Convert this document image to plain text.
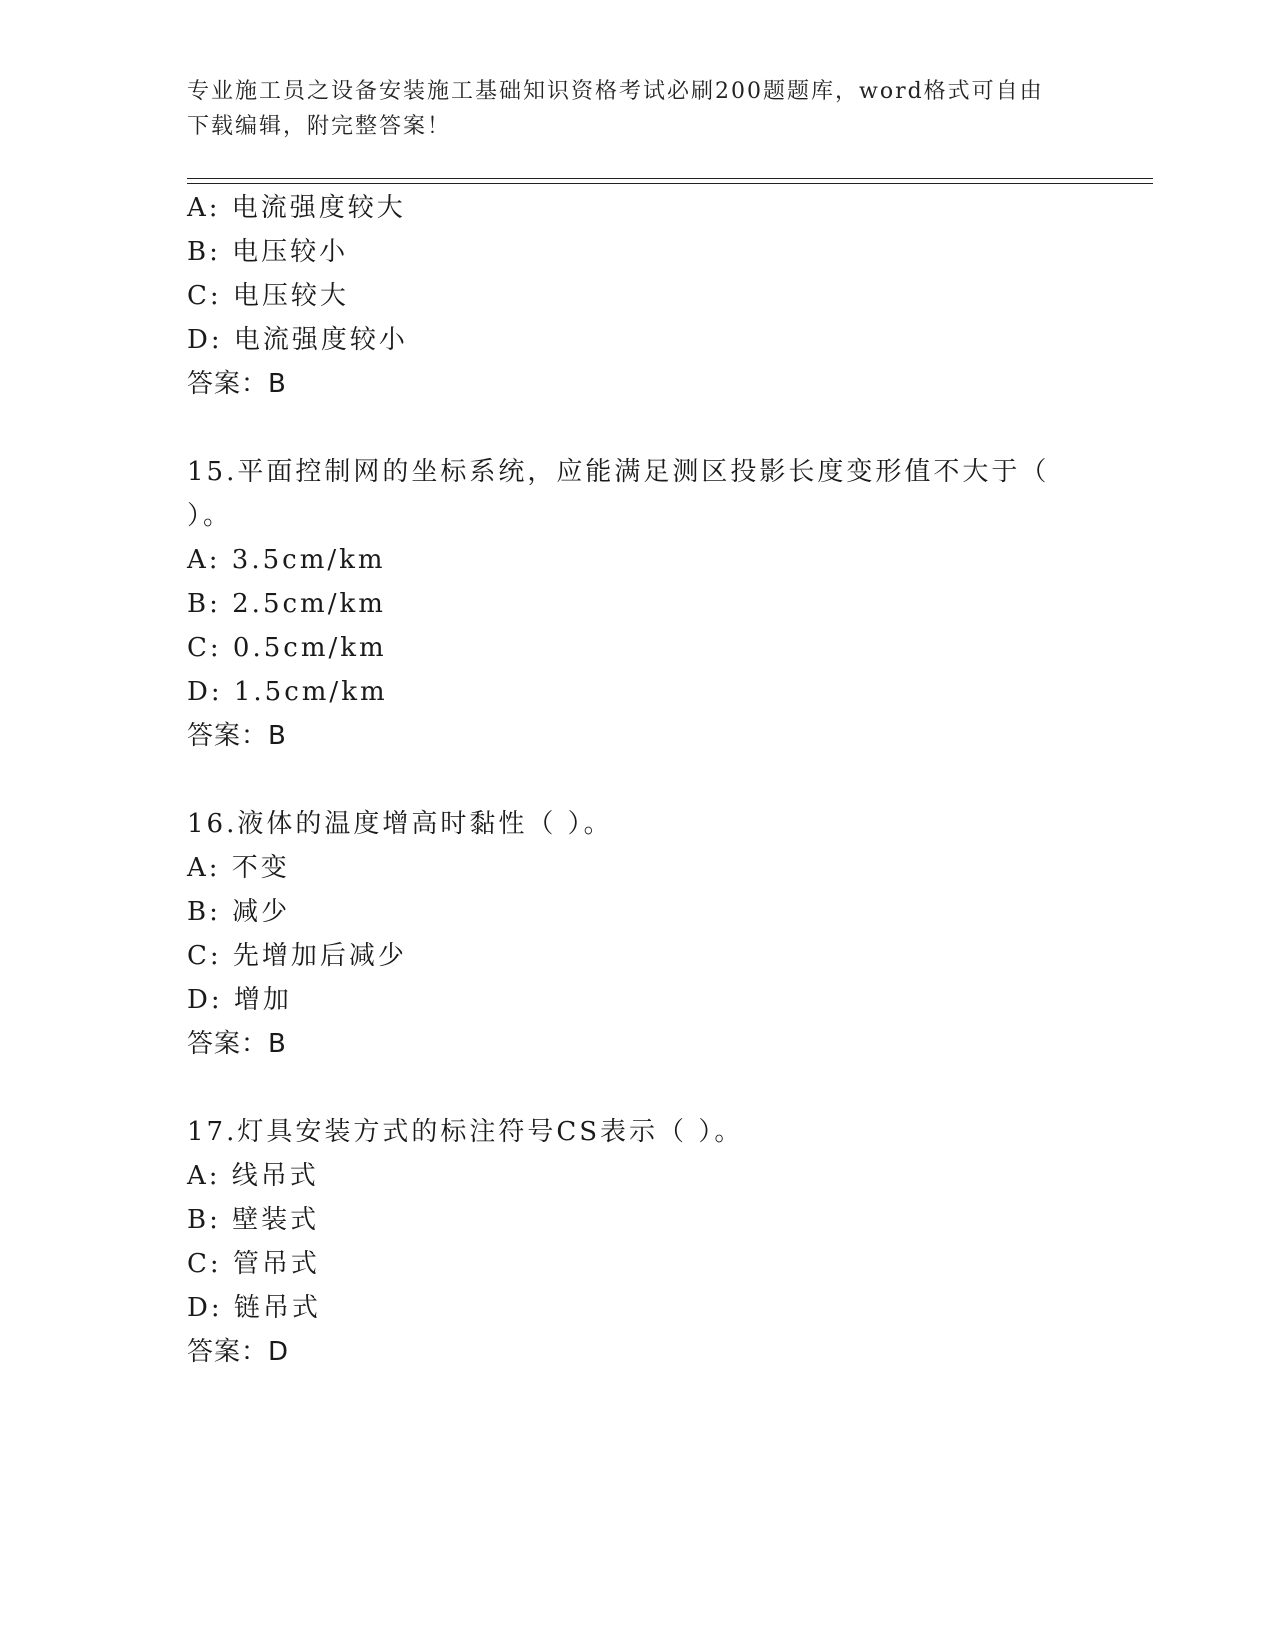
专业施工员之设备安装施工基础知识资格考试必刷200题题库，word格式可自由
下载编辑，附完整答案！
A: 电流强度较大
B: 电压较小
C: 电压较大
D: 电流强度较小
答案：B
15.平面控制网的坐标系统，应能满足测区投影长度变形值不大于（
）。
A: 3.5cm/km
B: 2.5cm/km
C: 0.5cm/km
D: 1.5cm/km
答案：B
16.液体的温度增高时黏性（ ）。
A: 不变
B: 减少
C: 先增加后减少
D: 增加
答案：B
17.灯具安装方式的标注符号CS表示（ ）。
A: 线吊式
B: 壁装式
C: 管吊式
D: 链吊式
答案：D
